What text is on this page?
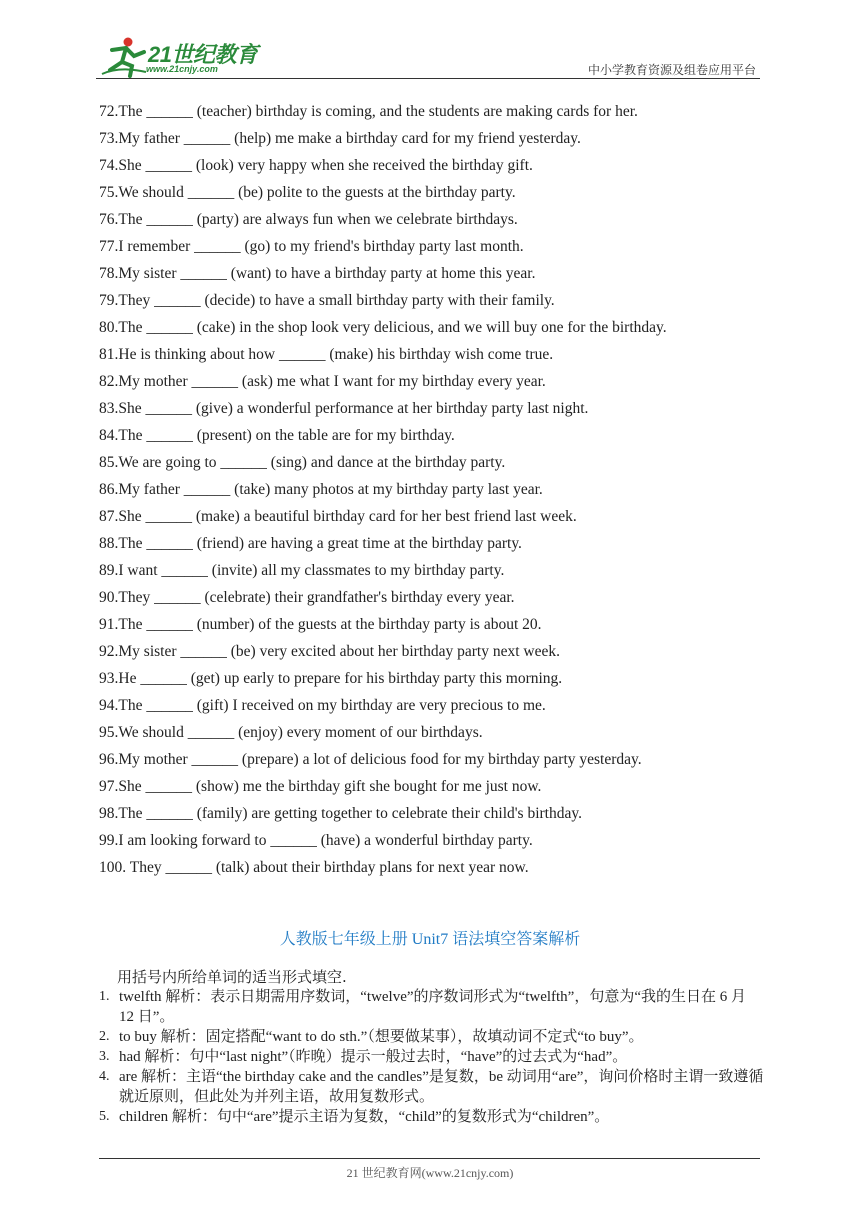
21世纪教育
www.21cnjy.com	中小学教育资源及组卷应用平台
72.The ______ (teacher) birthday is coming, and the students are making cards for her.
73.My father ______ (help) me make a birthday card for my friend yesterday.
74.She ______ (look) very happy when she received the birthday gift.
75.We should ______ (be) polite to the guests at the birthday party.
76.The ______ (party) are always fun when we celebrate birthdays.
77.I remember ______ (go) to my friend's birthday party last month.
78.My sister ______ (want) to have a birthday party at home this year.
79.They ______ (decide) to have a small birthday party with their family.
80.The ______ (cake) in the shop look very delicious, and we will buy one for the birthday.
81.He is thinking about how ______ (make) his birthday wish come true.
82.My mother ______ (ask) me what I want for my birthday every year.
83.She ______ (give) a wonderful performance at her birthday party last night.
84.The ______ (present) on the table are for my birthday.
85.We are going to ______ (sing) and dance at the birthday party.
86.My father ______ (take) many photos at my birthday party last year.
87.She ______ (make) a beautiful birthday card for her best friend last week.
88.The ______ (friend) are having a great time at the birthday party.
89.I want ______ (invite) all my classmates to my birthday party.
90.They ______ (celebrate) their grandfather's birthday every year.
91.The ______ (number) of the guests at the birthday party is about 20.
92.My sister ______ (be) very excited about her birthday party next week.
93.He ______ (get) up early to prepare for his birthday party this morning.
94.The ______ (gift) I received on my birthday are very precious to me.
95.We should ______ (enjoy) every moment of our birthdays.
96.My mother ______ (prepare) a lot of delicious food for my birthday party yesterday.
97.She ______ (show) me the birthday gift she bought for me just now.
98.The ______ (family) are getting together to celebrate their child's birthday.
99.I am looking forward to ______ (have) a wonderful birthday party.
100. They ______ (talk) about their birthday plans for next year now.
人教版七年级上册 Unit7 语法填空答案解析
用括号内所给单词的适当形式填空.

1. twelfth 解析：表示日期需用序数词，“twelve”的序数词形式为“twelfth”，句意为“我的生日在 6 月 12 日”。

2. to buy 解析：固定搭配“want to do sth.”（想要做某事），故填动词不定式“to buy”。

3. had 解析：句中“last night”（昨晚）提示一般过去时，“have”的过去式为“had”。

4. are 解析：主语“the birthday cake and the candles”是复数，be 动词用“are”，询问价格时主谓一致遵循就近原则，但此处为并列主语，故用复数形式。

5. children 解析：句中“are”提示主语为复数，“child”的复数形式为“children”。

21 世纪教育网(www.21cnjy.com)
